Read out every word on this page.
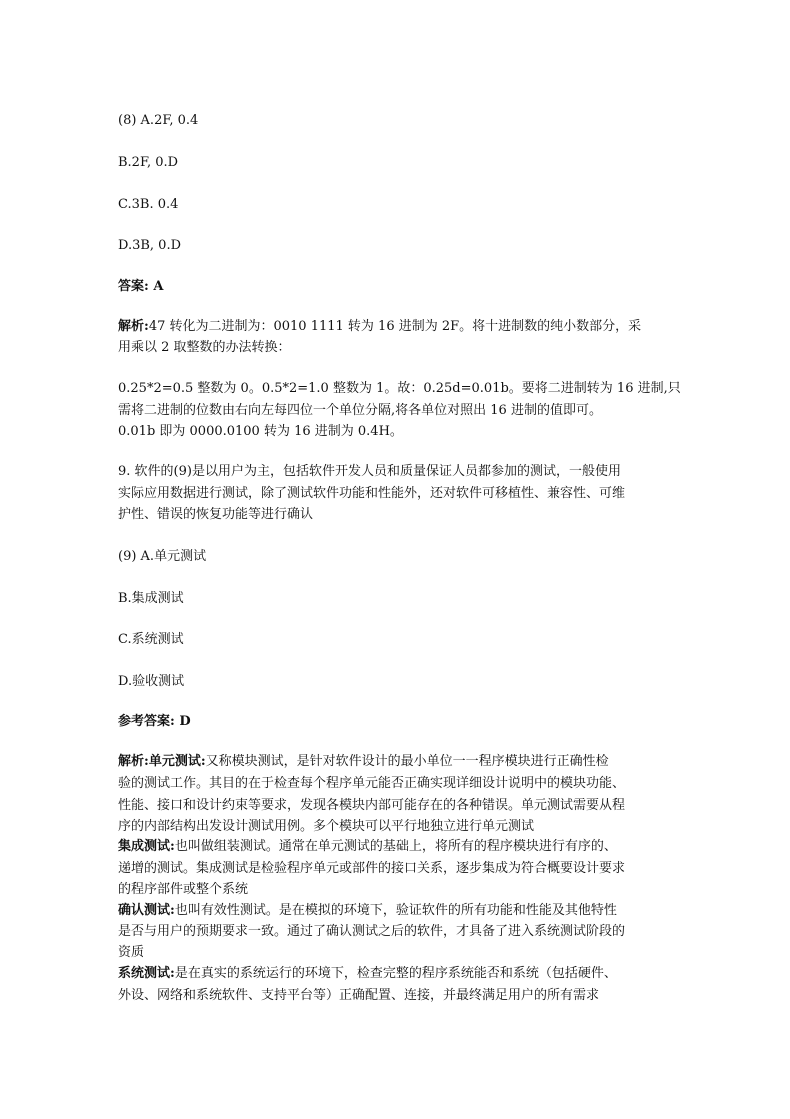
(8) A.2F, 0.4
B.2F, 0.D
C.3B. 0.4
D.3B, 0.D
答案: A
解析:47 转化为二进制为：0010 1111 转为 16 进制为 2F。将十进制数的纯小数部分，采
用乘以 2 取整数的办法转换：
0.25*2=0.5 整数为 0。0.5*2=1.0 整数为 1。故：0.25d=0.01b。要将二进制转为 16 进制,只
需将二进制的位数由右向左每四位一个单位分隔,将各单位对照出 16 进制的值即可。
0.01b 即为 0000.0100 转为 16 进制为 0.4H。
9. 软件的(9)是以用户为主，包括软件开发人员和质量保证人员都参加的测试，一般使用
实际应用数据进行测试，除了测试软件功能和性能外，还对软件可移植性、兼容性、可维
护性、错误的恢复功能等进行确认
(9) A.单元测试
B.集成测试
C.系统测试
D.验收测试
参考答案: D
解析:单元测试:又称模块测试，是针对软件设计的最小单位一一程序模块进行正确性检
验的测试工作。其目的在于检查每个程序单元能否正确实现详细设计说明中的模块功能、
性能、接口和设计约束等要求，发现各模块内部可能存在的各种错误。单元测试需要从程
序的内部结构出发设计测试用例。多个模块可以平行地独立进行单元测试
集成测试:也叫做组装测试。通常在单元测试的基础上，将所有的程序模块进行有序的、
递增的测试。集成测试是检验程序单元或部件的接口关系，逐步集成为符合概要设计要求
的程序部件或整个系统
确认测试:也叫有效性测试。是在模拟的环境下，验证软件的所有功能和性能及其他特性
是否与用户的预期要求一致。通过了确认测试之后的软件，才具备了进入系统测试阶段的
资质
系统测试:是在真实的系统运行的环境下，检查完整的程序系统能否和系统（包括硬件、
外设、网络和系统软件、支持平台等）正确配置、连接，并最终满足用户的所有需求
